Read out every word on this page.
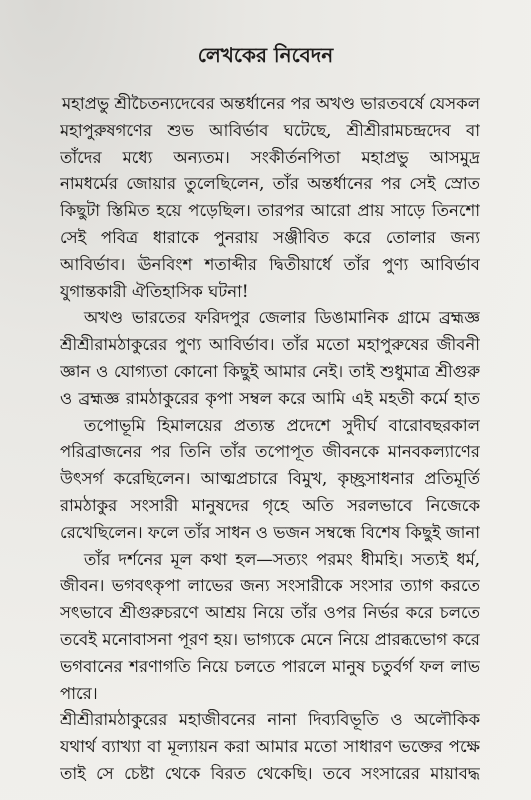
লেখকের নিবেদন
মহাপ্রভু শ্রীচৈতন্যদেবের অন্তর্ধানের পর অখণ্ড ভারতবর্ষে যেসকল
মহাপুরুষগণের শুভ আবির্ভাব ঘটেছে, শ্রীশ্রীরামচন্দ্রদেব বা
তাঁদের মধ্যে অন্যতম। সংকীর্তনপিতা মহাপ্রভু আসমুদ্র
নামধর্মের জোয়ার তুলেছিলেন, তাঁর অন্তর্ধানের পর সেই স্রোত
কিছুটা স্তিমিত হয়ে পড়েছিল। তারপর আরো প্রায় সাড়ে তিনশো
সেই পবিত্র ধারাকে পুনরায় সঞ্জীবিত করে তোলার জন্য
আবির্ভাব। ঊনবিংশ শতাব্দীর দ্বিতীয়ার্ধে তাঁর পুণ্য আবির্ভাব
যুগান্তকারী ঐতিহাসিক ঘটনা!
অখণ্ড ভারতের ফরিদপুর জেলার ডিঙামানিক গ্রামে ব্রহ্মজ্ঞ
শ্রীশ্রীরামঠাকুরের পুণ্য আবির্ভাব। তাঁর মতো মহাপুরুষের জীবনী
জ্ঞান ও যোগ্যতা কোনো কিছুই আমার নেই। তাই শুধুমাত্র শ্রীগুরু
ও ব্রহ্মজ্ঞ রামঠাকুরের কৃপা সম্বল করে আমি এই মহতী কর্মে হাত
তপোভূমি হিমালয়ের প্রত্যন্ত প্রদেশে সুদীর্ঘ বারোবছরকাল
পরিব্রাজনের পর তিনি তাঁর তপোপূত জীবনকে মানবকল্যাণের
উৎসর্গ করেছিলেন। আত্মপ্রচারে বিমুখ, কৃচ্ছ্রসাধনার প্রতিমূর্তি
রামঠাকুর সংসারী মানুষদের গৃহে অতি সরলভাবে নিজেকে
রেখেছিলেন। ফলে তাঁর সাধন ও ভজন সম্বন্ধে বিশেষ কিছুই জানা
তাঁর দর্শনের মূল কথা হল—সত্যং পরমং ধীমহি। সত্যই ধর্ম,
জীবন। ভগবৎকৃপা লাভের জন্য সংসারীকে সংসার ত্যাগ করতে
সৎভাবে শ্রীগুরুচরণে আশ্রয় নিয়ে তাঁর ওপর নির্ভর করে চলতে
তবেই মনোবাসনা পূরণ হয়। ভাগ্যকে মেনে নিয়ে প্রারব্ধভোগ করে
ভগবানের শরণাগতি নিয়ে চলতে পারলে মানুষ চতুর্বর্গ ফল লাভ
পারে।
শ্রীশ্রীরামঠাকুরের মহাজীবনের নানা দিব্যবিভূতি ও অলৌকিক
যথার্থ ব্যাখ্যা বা মূল্যায়ন করা আমার মতো সাধারণ ভক্তের পক্ষে
তাই সে চেষ্টা থেকে বিরত থেকেছি। তবে সংসারের মায়াবদ্ধ
